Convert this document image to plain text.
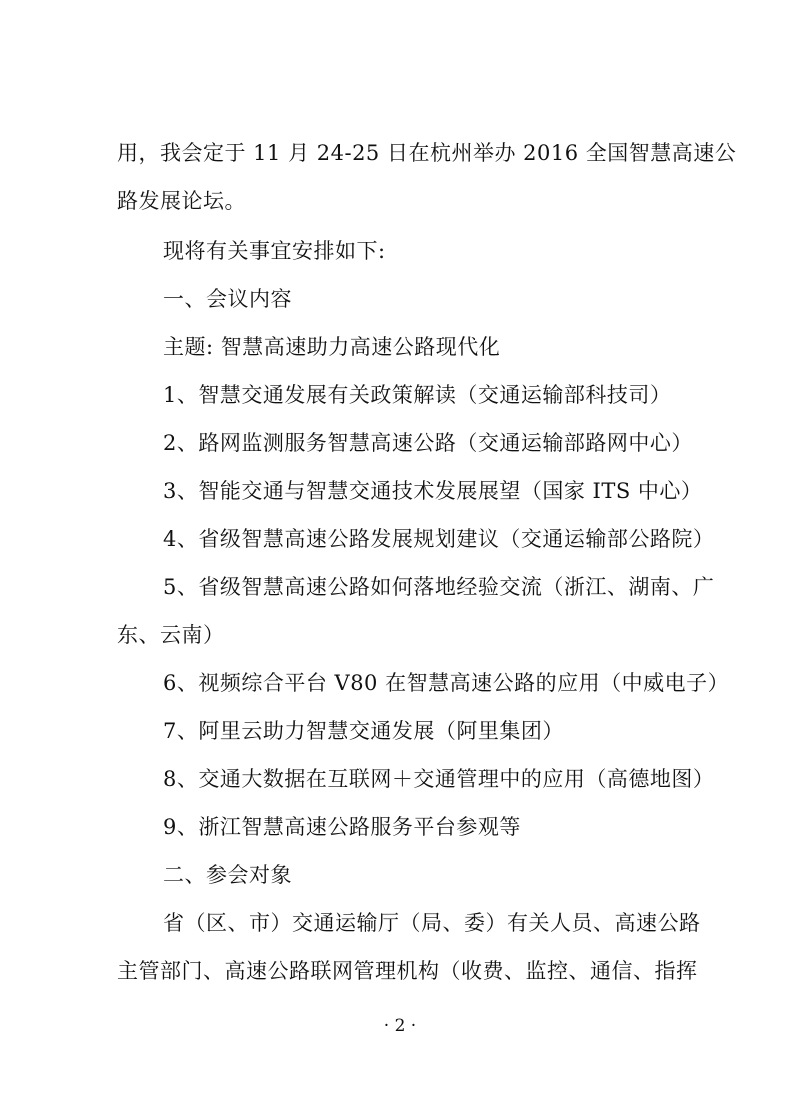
用，我会定于 11 月 24-25 日在杭州举办 2016 全国智慧高速公
路发展论坛。
现将有关事宜安排如下:
一、会议内容
主题: 智慧高速助力高速公路现代化
1、智慧交通发展有关政策解读（交通运输部科技司）
2、路网监测服务智慧高速公路（交通运输部路网中心）
3、智能交通与智慧交通技术发展展望（国家 ITS 中心）
4、省级智慧高速公路发展规划建议（交通运输部公路院）
5、省级智慧高速公路如何落地经验交流（浙江、湖南、广
东、云南）
6、视频综合平台 V80 在智慧高速公路的应用（中威电子）
7、阿里云助力智慧交通发展（阿里集团）
8、交通大数据在互联网＋交通管理中的应用（高德地图）
9、浙江智慧高速公路服务平台参观等
二、参会对象
省（区、市）交通运输厅（局、委）有关人员、高速公路
主管部门、高速公路联网管理机构（收费、监控、通信、指挥
· 2 ·
